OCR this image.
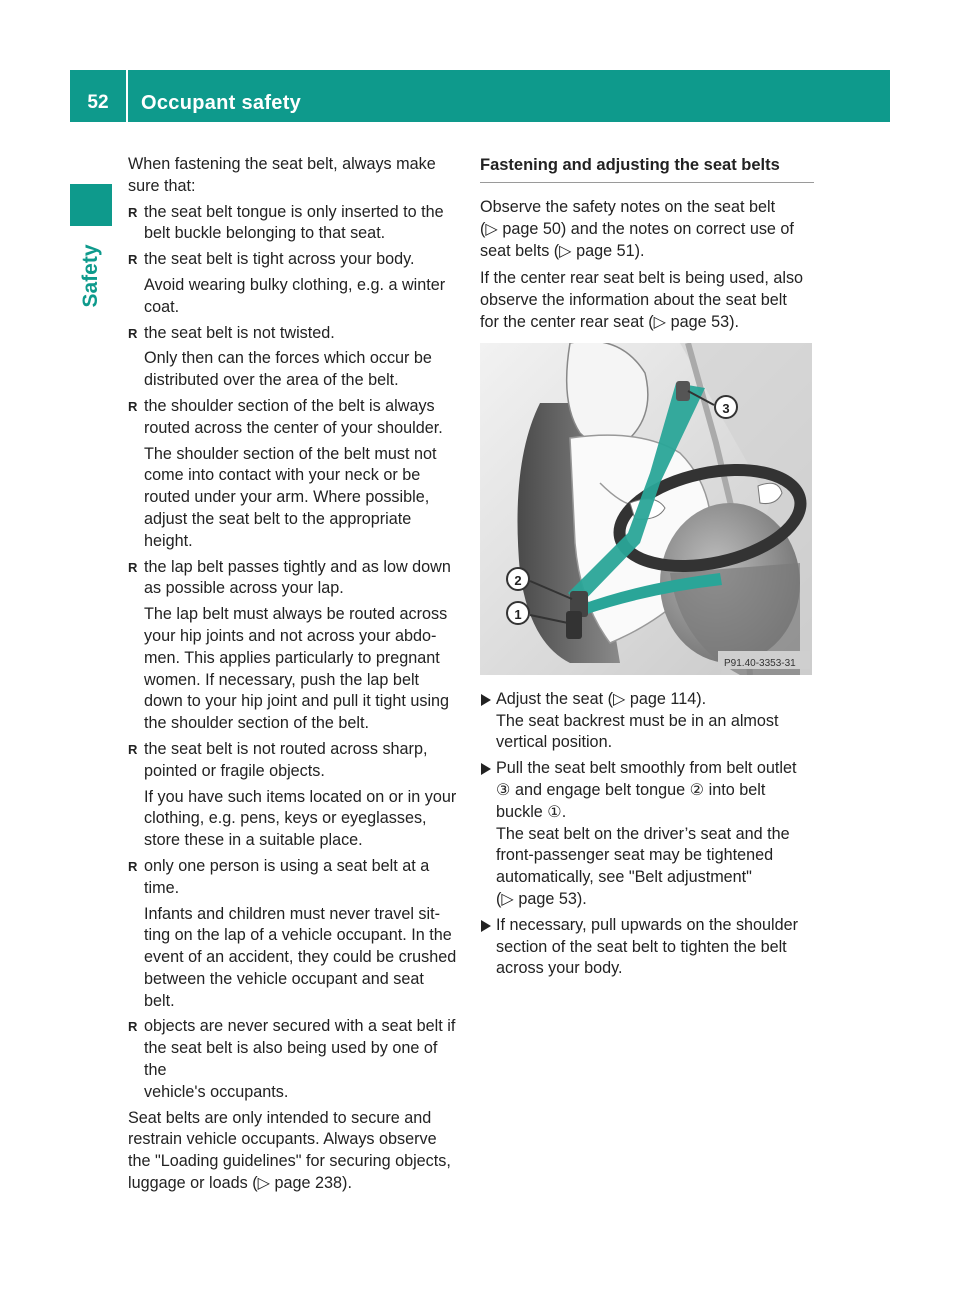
52	Occupant safety
Safety

When fastening the seat belt, always make sure that:

R the seat belt tongue is only inserted to the
belt buckle belonging to that seat.
R the seat belt is tight across your body.
Avoid wearing bulky clothing, e.g. a winter
coat.
R the seat belt is not twisted.
Only then can the forces which occur be
distributed over the area of the belt.
R the shoulder section of the belt is always
routed across the center of your shoulder.
The shoulder section of the belt must not
come into contact with your neck or be
routed under your arm. Where possible,
adjust the seat belt to the appropriate
height.
R the lap belt passes tightly and as low down
as possible across your lap.
The lap belt must always be routed across
your hip joints and not across your abdo-
men. This applies particularly to pregnant
women. If necessary, push the lap belt
down to your hip joint and pull it tight using
the shoulder section of the belt.
R the seat belt is not routed across sharp,
pointed or fragile objects.
If you have such items located on or in your
clothing, e.g. pens, keys or eyeglasses,
store these in a suitable place.
R only one person is using a seat belt at a
time.
Infants and children must never travel sit-
ting on the lap of a vehicle occupant. In the
event of an accident, they could be crushed
between the vehicle occupant and seat
belt.
R objects are never secured with a seat belt if
the seat belt is also being used by one of the
vehicle's occupants.

Seat belts are only intended to secure and
restrain vehicle occupants. Always observe
the "Loading guidelines" for securing objects,
luggage or loads (▷ page 238).

Fastening and adjusting the seat belts

Observe the safety notes on the seat belt
(▷ page 50) and the notes on correct use of
seat belts (▷ page 51).

If the center rear seat belt is being used, also
observe the information about the seat belt
for the center rear seat (▷ page 53).

3
2
1
P91.40-3353-31
Adjust the seat (▷ page 114).
The seat backrest must be in an almost
vertical position.
Pull the seat belt smoothly from belt outlet
③ and engage belt tongue ② into belt
buckle ①.
The seat belt on the driver’s seat and the
front-passenger seat may be tightened
automatically, see "Belt adjustment"
(▷ page 53).
If necessary, pull upwards on the shoulder
section of the seat belt to tighten the belt
across your body.
